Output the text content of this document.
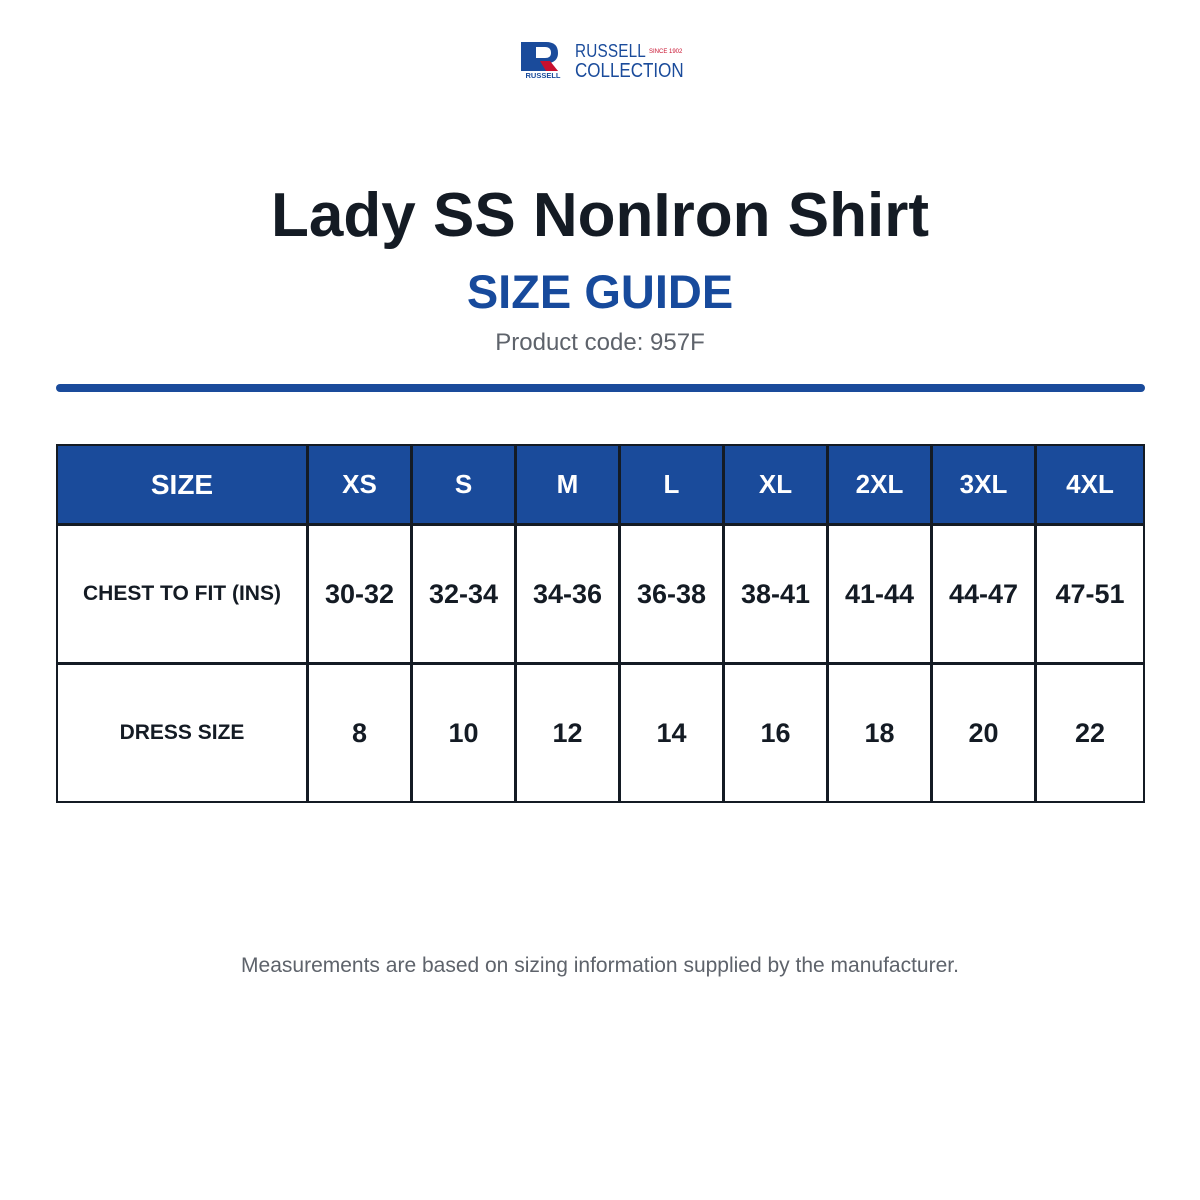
RUSSELL
RUSSELL SINCE 1902
COLLECTION
Lady SS NonIron Shirt
SIZE GUIDE
Product code: 957F
SIZE	XS	S	M	L	XL	2XL	3XL	4XL
CHEST TO FIT (INS)	30-32	32-34	34-36	36-38	38-41	41-44	44-47	47-51
DRESS SIZE	8	10	12	14	16	18	20	22
Measurements are based on sizing information supplied by the manufacturer.
